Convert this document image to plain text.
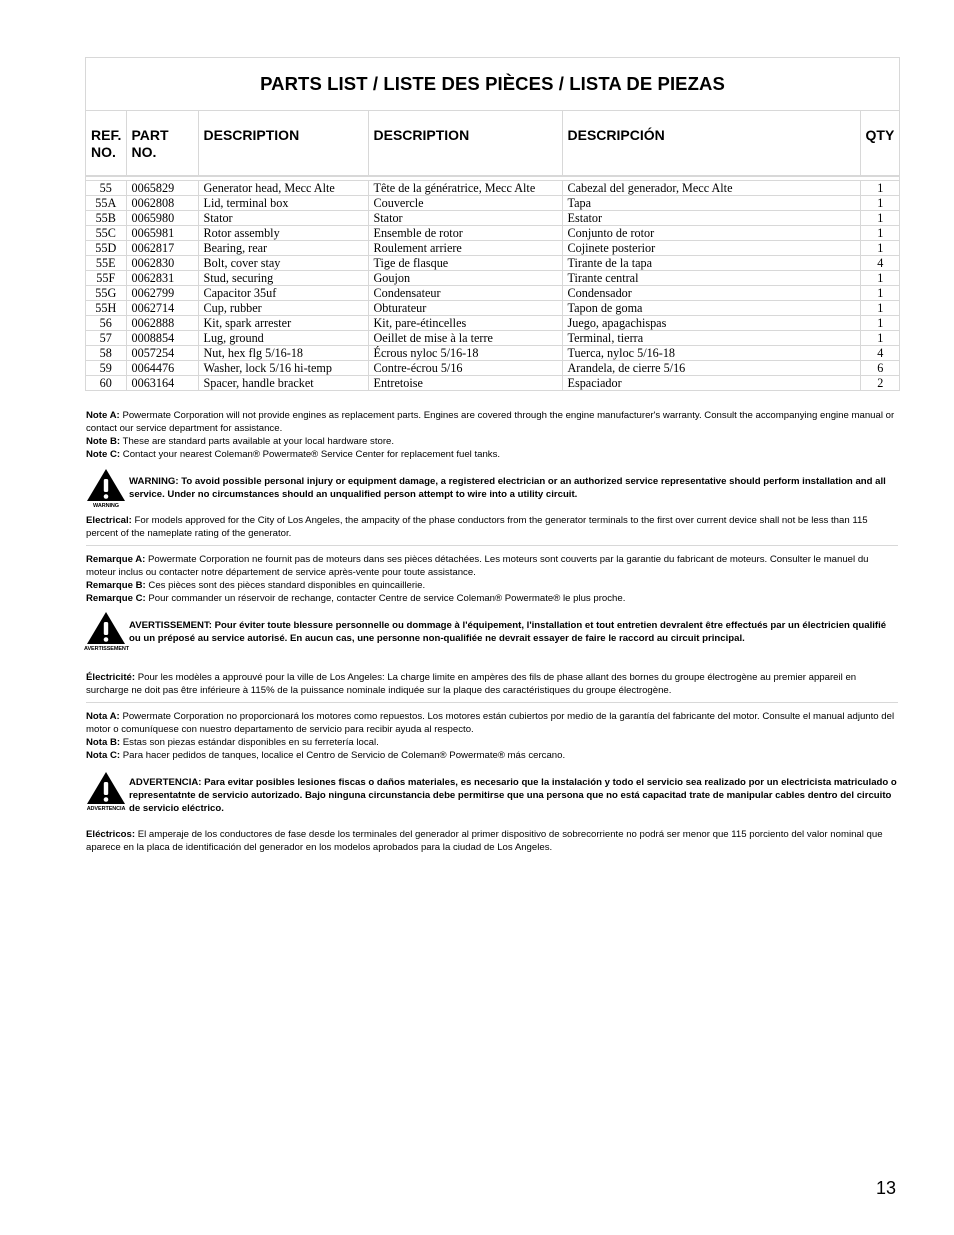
PARTS LIST / LISTE DES PIÈCES / LISTA DE PIEZAS
REF. NO.	PART NO.	DESCRIPTION	DESCRIPTION	DESCRIPCIÓN	QTY

55	0065829	Generator head, Mecc Alte	Tête de la génératrice, Mecc Alte	Cabezal del generador, Mecc Alte	1
55A	0062808	Lid, terminal box	Couvercle	Tapa	1
55B	0065980	Stator	Stator	Estator	1
55C	0065981	Rotor assembly	Ensemble de rotor	Conjunto de rotor	1
55D	0062817	Bearing, rear	Roulement arriere	Cojinete posterior	1
55E	0062830	Bolt, cover stay	Tige de flasque	Tirante de la tapa	4
55F	0062831	Stud, securing	Goujon	Tirante central	1
55G	0062799	Capacitor 35uf	Condensateur	Condensador	1
55H	0062714	Cup, rubber	Obturateur	Tapon de goma	1
56	0062888	Kit, spark arrester	Kit, pare-étincelles	Juego, apagachispas	1
57	0008854	Lug, ground	Oeillet de mise à la terre	Terminal, tierra	1
58	0057254	Nut, hex flg 5/16-18	Écrous nyloc 5/16-18	Tuerca, nyloc 5/16-18	4
59	0064476	Washer, lock 5/16 hi-temp	Contre-écrou 5/16	Arandela, de cierre 5/16	6
60	0063164	Spacer, handle bracket	Entretoise	Espaciador	2

Note A: Powermate Corporation will not provide engines as replacement parts. Engines are covered through the engine manufacturer's warranty. Consult the accompanying engine manual or contact our service department for assistance.

Note B: These are standard parts available at your local hardware store.

Note C: Contact your nearest Coleman® Powermate® Service Center for replacement fuel tanks.

WARNING
WARNING: To avoid possible personal injury or equipment damage, a registered electrician or an authorized service representative should perform installation and all service. Under no circumstances should an unqualified person attempt to wire into a utility circuit.

Electrical: For models approved for the City of Los Angeles, the ampacity of the phase conductors from the generator terminals to the first over current device shall not be less than 115 percent of the nameplate rating of the generator.

Remarque A: Powermate Corporation ne fournit pas de moteurs dans ses pièces détachées. Les moteurs sont couverts par la garantie du fabricant de moteurs. Consulter le manuel du moteur inclus ou contacter notre département de service après-vente pour toute assistance.

Remarque B: Ces pièces sont des pièces standard disponibles en quincaillerie.

Remarque C: Pour commander un réservoir de rechange, contacter Centre de service Coleman® Powermate® le plus proche.

AVERTISSEMENT
AVERTISSEMENT: Pour éviter toute blessure personnelle ou dommage à l'équipement, l'installation et tout entretien devralent être effectués par un électricien qualifié ou un préposé au service autorisé. En aucun cas, une personne non-qualifiée ne devrait essayer de faire le raccord au circuit principal.

Électricité: Pour les modèles a approuvé pour la ville de Los Angeles: La charge limite en ampères des fils de phase allant des bornes du groupe électrogène au premier appareil en surcharge ne doit pas être inférieure à 115% de la puissance nominale indiquée sur la plaque des caractéristiques du groupe électrogène.

Nota A: Powermate Corporation no proporcionará los motores como repuestos. Los motores están cubiertos por medio de la garantía del fabricante del motor. Consulte el manual adjunto del motor o comuníquese con nuestro departamento de servicio para recibir ayuda al respecto.

Nota B: Estas son piezas estándar disponibles en su ferretería local.

Nota C: Para hacer pedidos de tanques, localice el Centro de Servicio de Coleman® Powermate® más cercano.

ADVERTENCIA
ADVERTENCIA: Para evitar posibles lesiones fiscas o daños materiales, es necesario que la instalación y todo el servicio sea realizado por un electricista matriculado o representatnte de servicio autorizado. Bajo ninguna circunstancia debe permitirse que una persona que no está capacitad trate de manipular cables dentro del circuito de servicio eléctrico.

Eléctricos: El amperaje de los conductores de fase desde los terminales del generador al primer dispositivo de sobrecorriente no podrá ser menor que 115 porciento del valor nominal que aparece en la placa de identificación del generador en los modelos aprobados para la ciudad de Los Angeles.

13
